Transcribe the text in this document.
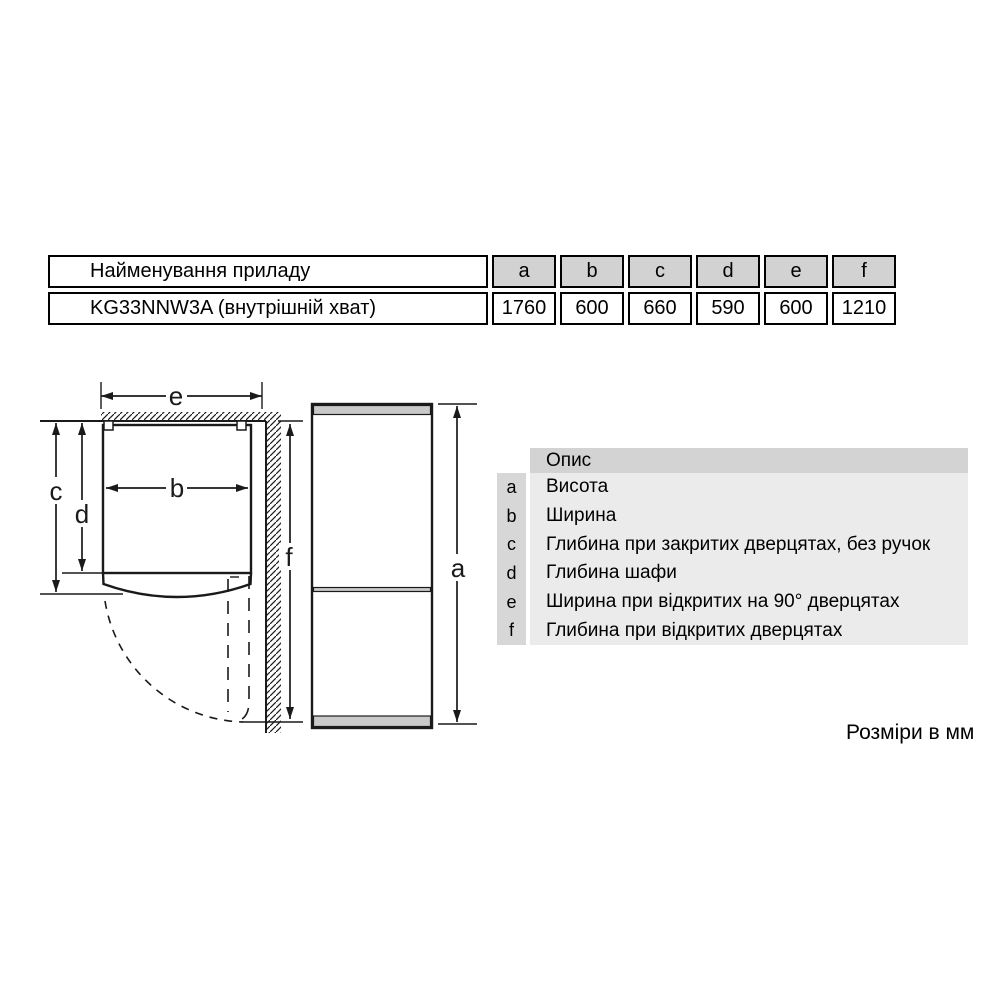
Найменування приладу	a	b	c	d	e	f
KG33NNW3A (внутрішній хват)	1760	600	660	590	600	1210
e
b
c
d
f	a
Опис
a	Висота
b	Ширина
c	Глибина при закритих дверцятах, без ручок
d	Глибина шафи
e	Ширина при відкритих на 90° дверцятах
f	Глибина при відкритих дверцятах
Розміри в мм
